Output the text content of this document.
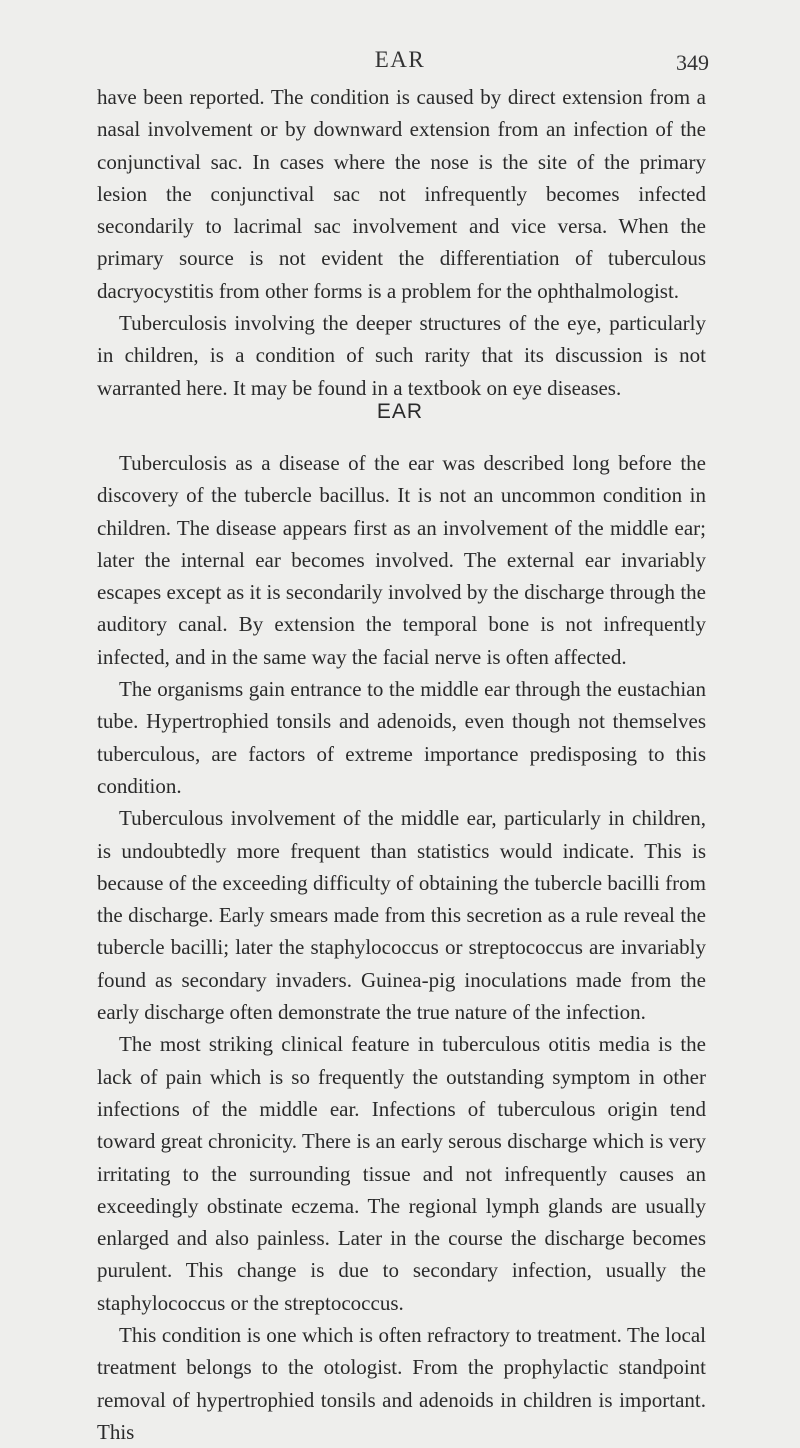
EAR	349

have been reported. The condition is caused by direct extension from a nasal involvement or by downward extension from an infection of the conjunctival sac. In cases where the nose is the site of the primary lesion the conjunctival sac not infrequently becomes infected secondarily to lacrimal sac involvement and vice versa. When the primary source is not evident the differentiation of tuberculous dacryocystitis from other forms is a problem for the ophthalmologist.

Tuberculosis involving the deeper structures of the eye, particularly in children, is a condition of such rarity that its discussion is not warranted here. It may be found in a textbook on eye diseases.

EAR

Tuberculosis as a disease of the ear was described long before the discovery of the tubercle bacillus. It is not an uncommon condition in children. The disease appears first as an involvement of the middle ear; later the internal ear becomes involved. The external ear invariably escapes except as it is secondarily involved by the discharge through the auditory canal. By extension the temporal bone is not infrequently infected, and in the same way the facial nerve is often affected.

The organisms gain entrance to the middle ear through the eustachian tube. Hypertrophied tonsils and adenoids, even though not themselves tuberculous, are factors of extreme importance predisposing to this condition.

Tuberculous involvement of the middle ear, particularly in children, is undoubtedly more frequent than statistics would indicate. This is because of the exceeding difficulty of obtaining the tubercle bacilli from the discharge. Early smears made from this secretion as a rule reveal the tubercle bacilli; later the staphylococcus or streptococcus are invariably found as secondary invaders. Guinea-pig inoculations made from the early discharge often demonstrate the true nature of the infection.

The most striking clinical feature in tuberculous otitis media is the lack of pain which is so frequently the outstanding symptom in other infections of the middle ear. Infections of tuberculous origin tend toward great chronicity. There is an early serous discharge which is very irritating to the surrounding tissue and not infrequently causes an exceedingly obstinate eczema. The regional lymph glands are usually enlarged and also painless. Later in the course the discharge becomes purulent. This change is due to secondary infection, usually the staphylococcus or the streptococcus.

This condition is one which is often refractory to treatment. The local treatment belongs to the otologist. From the prophylactic standpoint removal of hypertrophied tonsils and adenoids in children is important. This
